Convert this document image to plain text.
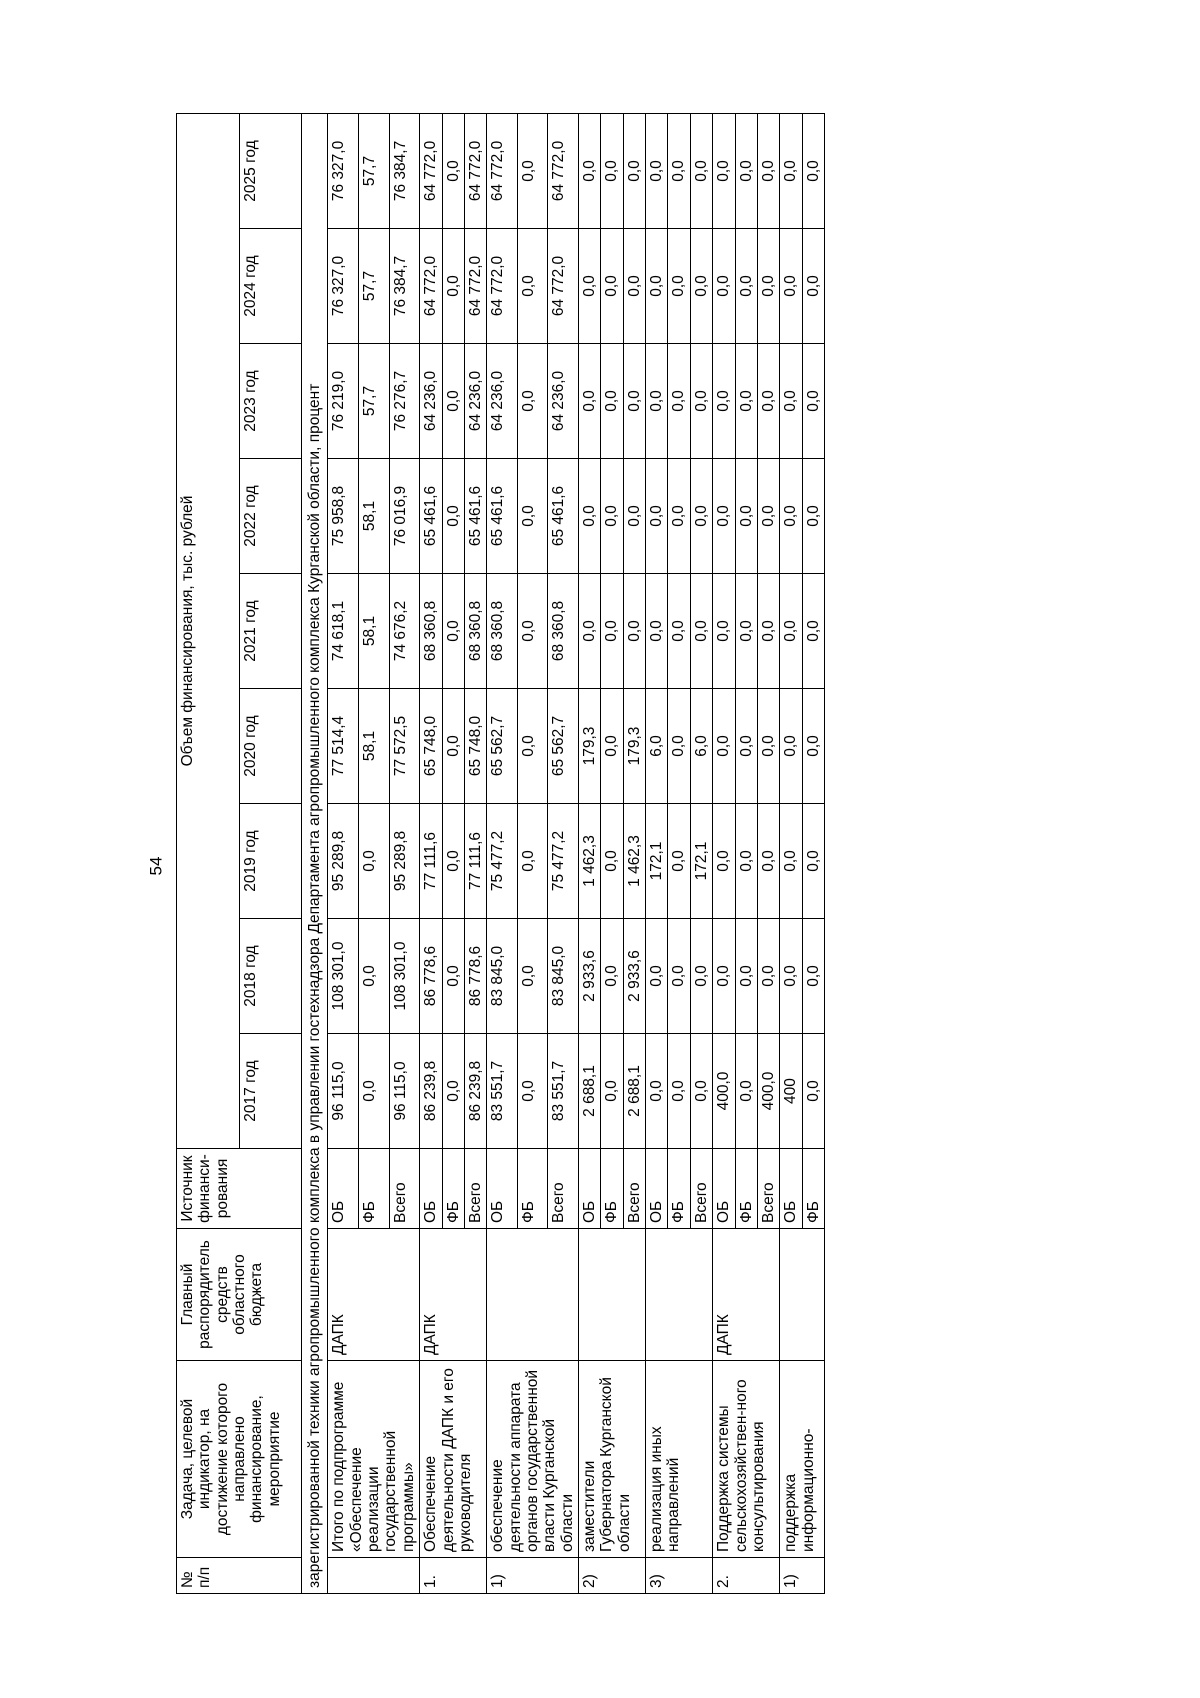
54
№ п/п	Задача, целевой индикатор, на достижение которого направлено финансирование, мероприятие	Главный распорядитель средств областного бюджета	Источник финанси-рования	Объем финансирования, тыс. рублей								
				2017 год	2018 год	2019 год	2020 год	2021 год	2022 год	2023 год	2024 год	2025 год
зарегистрированной техники агропромышленного комплекса в управлении гостехнадзора Департамента агропромышленного комплекса Курганской области, процент												
	Итого по подпрограмме «Обеспечение реализации государственной программы»	ДАПК	ОБ	96 115,0	108 301,0	95 289,8	77 514,4	74 618,1	75 958,8	76 219,0	76 327,0	76 327,0
			ФБ	0,0	0,0	0,0	58,1	58,1	58,1	57,7	57,7	57,7
			Всего	96 115,0	108 301,0	95 289,8	77 572,5	74 676,2	76 016,9	76 276,7	76 384,7	76 384,7
1.	Обеспечение деятельности ДАПК и его руководителя	ДАПК	ОБ	86 239,8	86 778,6	77 111,6	65 748,0	68 360,8	65 461,6	64 236,0	64 772,0	64 772,0
			ФБ	0,0	0,0	0,0	0,0	0,0	0,0	0,0	0,0	0,0
			Всего	86 239,8	86 778,6	77 111,6	65 748,0	68 360,8	65 461,6	64 236,0	64 772,0	64 772,0
1)	обеспечение деятельности аппарата органов государственной власти Курганской области		ОБ	83 551,7	83 845,0	75 477,2	65 562,7	68 360,8	65 461,6	64 236,0	64 772,0	64 772,0
			ФБ	0,0	0,0	0,0	0,0	0,0	0,0	0,0	0,0	0,0
			Всего	83 551,7	83 845,0	75 477,2	65 562,7	68 360,8	65 461,6	64 236,0	64 772,0	64 772,0
2)	заместители Губернатора Курганской области		ОБ	2 688,1	2 933,6	1 462,3	179,3	0,0	0,0	0,0	0,0	0,0
			ФБ	0,0	0,0	0,0	0,0	0,0	0,0	0,0	0,0	0,0
			Всего	2 688,1	2 933,6	1 462,3	179,3	0,0	0,0	0,0	0,0	0,0
3)	реализация иных направлений		ОБ	0,0	0,0	172,1	6,0	0,0	0,0	0,0	0,0	0,0
			ФБ	0,0	0,0	0,0	0,0	0,0	0,0	0,0	0,0	0,0
			Всего	0,0	0,0	172,1	6,0	0,0	0,0	0,0	0,0	0,0
2.	Поддержка системы сельскохозяйствен-ного консультирования	ДАПК	ОБ	400,0	0,0	0,0	0,0	0,0	0,0	0,0	0,0	0,0
			ФБ	0,0	0,0	0,0	0,0	0,0	0,0	0,0	0,0	0,0
			Всего	400,0	0,0	0,0	0,0	0,0	0,0	0,0	0,0	0,0
1)	поддержка информационно-		ОБ	400	0,0	0,0	0,0	0,0	0,0	0,0	0,0	0,0
			ФБ	0,0	0,0	0,0	0,0	0,0	0,0	0,0	0,0	0,0
